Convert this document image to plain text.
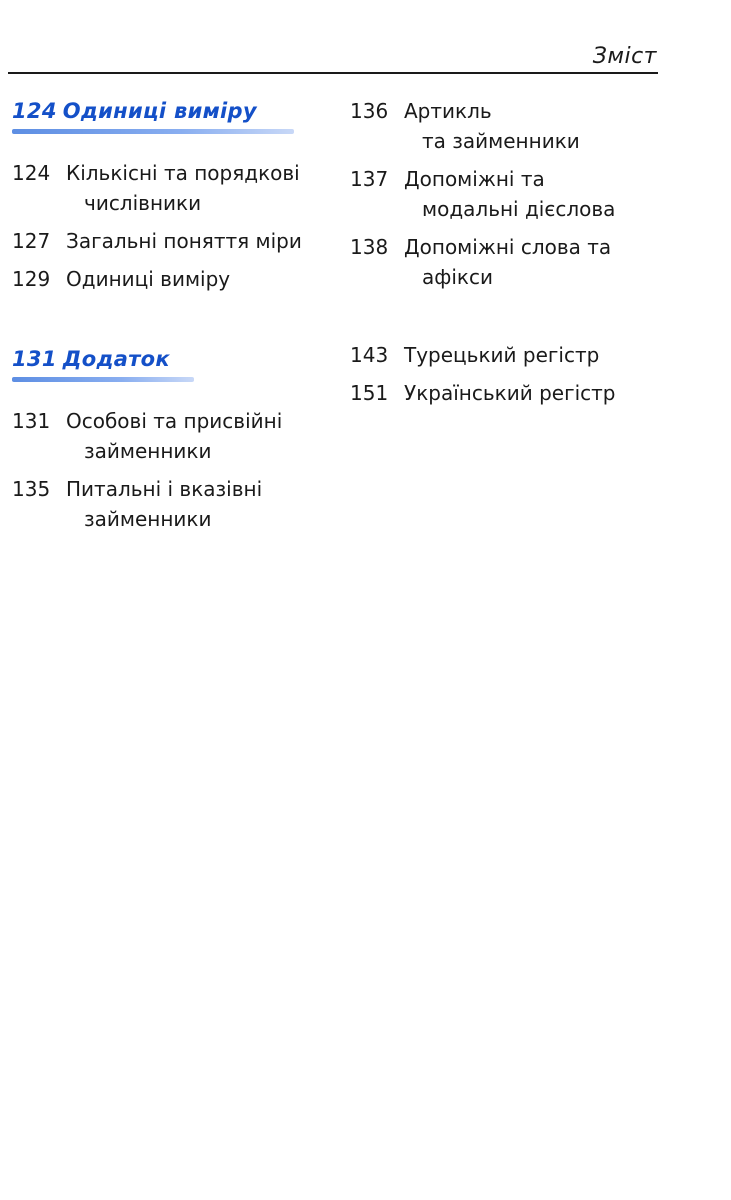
Зміст
124 Одиниці виміру
124 Кількісні та порядкові
числівники
127 Загальні поняття міри
129 Одиниці виміру
131 Додаток
131 Особові та присвійні
займенники
135 Питальні і вказівні
займенники
136 Артикль
та займенники
137 Допоміжні та
модальні дієслова
138 Допоміжні слова та
афікси
143 Турецький регістр
151 Український регістр
